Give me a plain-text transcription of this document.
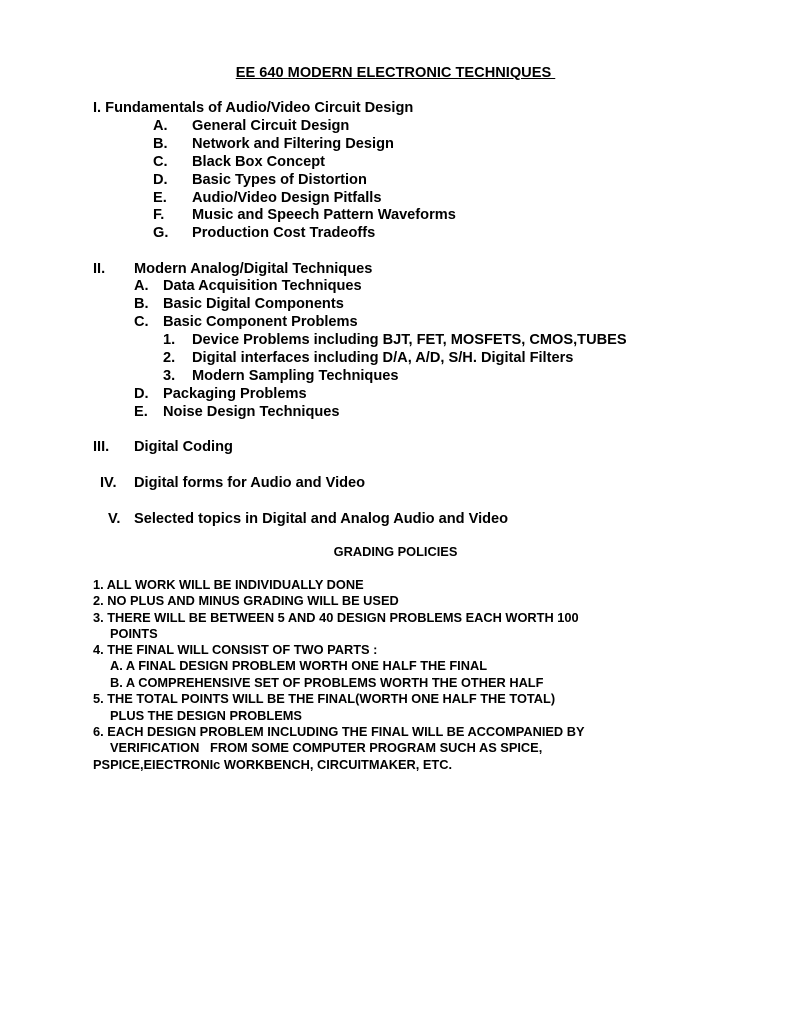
EE 640 MODERN ELECTRONIC TECHNIQUES
I. Fundamentals of Audio/Video Circuit Design
A. General Circuit Design
B. Network and Filtering Design
C. Black Box Concept
D. Basic Types of Distortion
E. Audio/Video Design Pitfalls
F. Music and Speech Pattern Waveforms
G. Production Cost Tradeoffs
II. Modern Analog/Digital Techniques
A. Data Acquisition Techniques
B. Basic Digital Components
C. Basic Component Problems
1. Device Problems including BJT, FET, MOSFETS, CMOS,TUBES
2. Digital interfaces including D/A, A/D, S/H. Digital Filters
3. Modern Sampling Techniques
D. Packaging Problems
E. Noise Design Techniques
III. Digital Coding
IV. Digital forms for Audio and Video
V. Selected topics in Digital and Analog Audio and Video
GRADING POLICIES
1. ALL WORK WILL BE INDIVIDUALLY DONE
2. NO PLUS AND MINUS GRADING WILL BE USED
3. THERE WILL BE BETWEEN 5 AND 40 DESIGN PROBLEMS EACH WORTH 100
POINTS
4. THE FINAL WILL CONSIST OF TWO PARTS :
A. A FINAL DESIGN PROBLEM WORTH ONE HALF THE FINAL
B. A COMPREHENSIVE SET OF PROBLEMS WORTH THE OTHER HALF
5. THE TOTAL POINTS WILL BE THE FINAL(WORTH ONE HALF THE TOTAL)
PLUS THE DESIGN PROBLEMS
6. EACH DESIGN PROBLEM INCLUDING THE FINAL WILL BE ACCOMPANIED BY
VERIFICATION   FROM SOME COMPUTER PROGRAM SUCH AS SPICE,
PSPICE,EIECTRONIc WORKBENCH, CIRCUITMAKER, ETC.
